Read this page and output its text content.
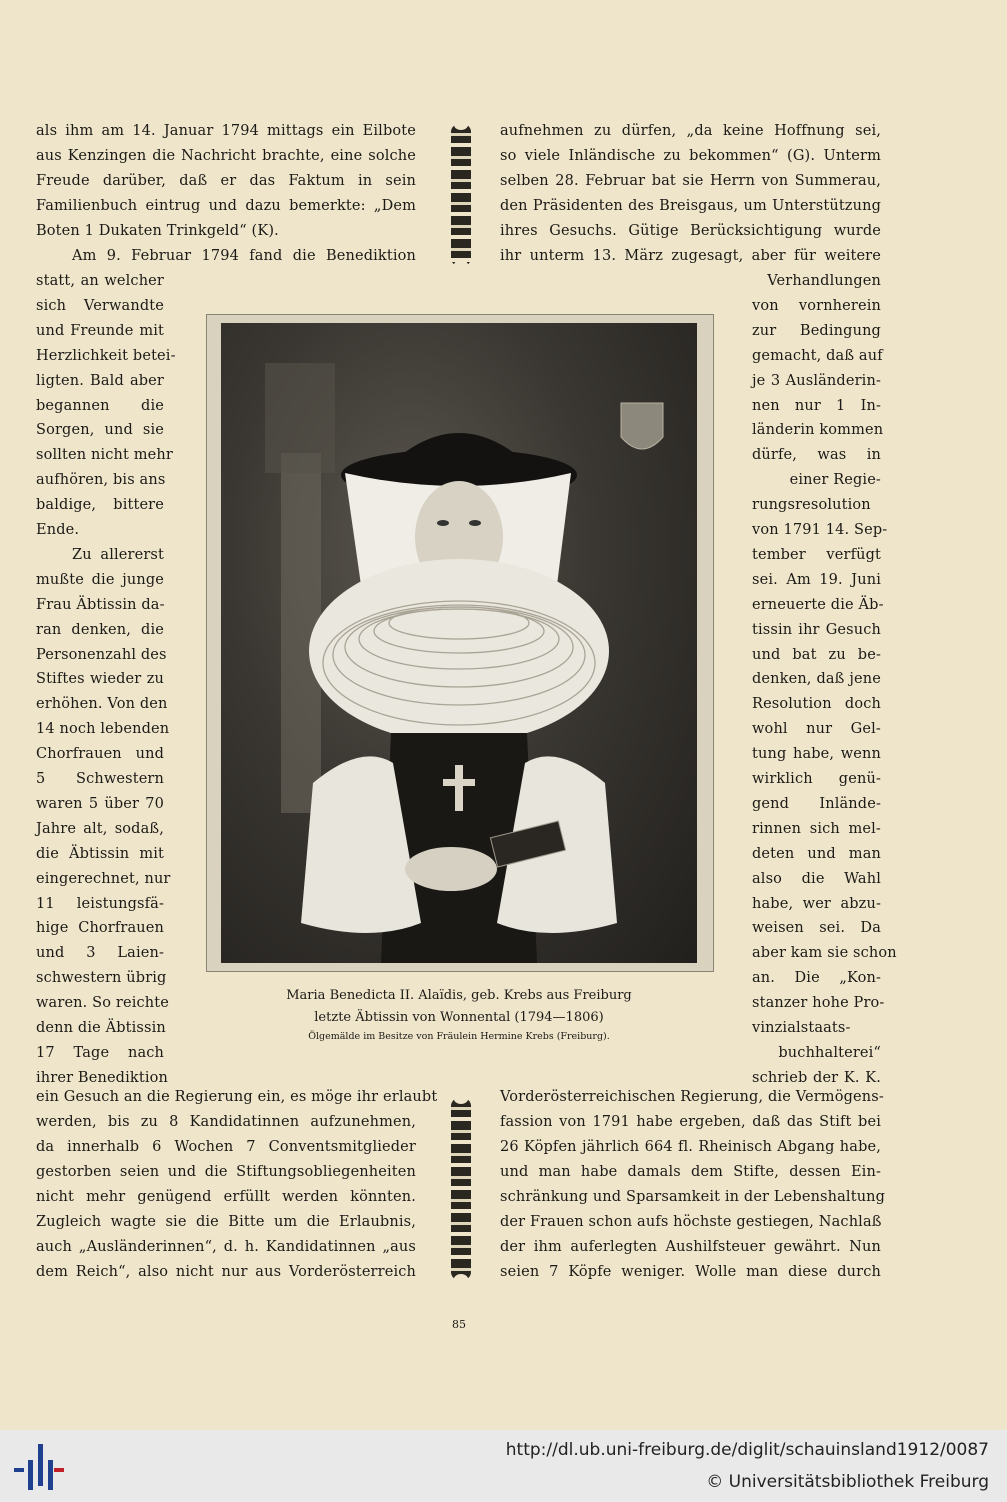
als ihm am 14. Januar 1794 mittags ein Eilbote
aus Kenzingen die Nachricht brachte, eine solche
Freude darüber, daß er das Faktum in sein
Familienbuch eintrug und dazu bemerkte: „Dem
Boten 1 Dukaten Trinkgeld“ (K).
Am 9. Februar 1794 fand die Benediktion
aufnehmen zu dürfen, „da keine Hoffnung sei,
so viele Inländische zu bekommen“ (G). Unterm
selben 28. Februar bat sie Herrn von Summerau,
den Präsidenten des Breisgaus, um Unterstützung
ihres Gesuchs. Gütige Berücksichtigung wurde
ihr unterm 13. März zugesagt, aber für weitere
statt, an welcher
sich Verwandte
und Freunde mit
Herzlichkeit betei-
ligten. Bald aber
begannen die
Sorgen, und sie
sollten nicht mehr
aufhören, bis ans
baldige, bittere
Ende.
Zu allererst
mußte die junge
Frau Äbtissin da-
ran denken, die
Personenzahl des
Stiftes wieder zu
erhöhen. Von den
14 noch lebenden
Chorfrauen und
5 Schwestern
waren 5 über 70
Jahre alt, sodaß,
die Äbtissin mit
eingerechnet, nur
11 leistungsfä-
hige Chorfrauen
und 3 Laien-
schwestern übrig
waren. So reichte
denn die Äbtissin
17 Tage nach
ihrer Benediktion
Verhandlungen
von vornherein
zur Bedingung
gemacht, daß auf
je 3 Ausländerin-
nen nur 1 In-
länderin kommen
dürfe, was in
einer Regie-
rungsresolution
von 1791 14. Sep-
tember verfügt
sei. Am 19. Juni
erneuerte die Äb-
tissin ihr Gesuch
und bat zu be-
denken, daß jene
Resolution doch
wohl nur Gel-
tung habe, wenn
wirklich genü-
gend Inlände-
rinnen sich mel-
deten und man
also die Wahl
habe, wer abzu-
weisen sei. Da
aber kam sie schon
an. Die „Kon-
stanzer hohe Pro-
vinzialstaats-
buchhalterei“
schrieb der K. K.
ein Gesuch an die Regierung ein, es möge ihr erlaubt
werden, bis zu 8 Kandidatinnen aufzunehmen,
da innerhalb 6 Wochen 7 Conventsmitglieder
gestorben seien und die Stiftungsobliegenheiten
nicht mehr genügend erfüllt werden könnten.
Zugleich wagte sie die Bitte um die Erlaubnis,
auch „Ausländerinnen“, d. h. Kandidatinnen „aus
dem Reich“, also nicht nur aus Vorderösterreich
Vorderösterreichischen Regierung, die Vermögens-
fassion von 1791 habe ergeben, daß das Stift bei
26 Köpfen jährlich 664 fl. Rheinisch Abgang habe,
und man habe damals dem Stifte, dessen Ein-
schränkung und Sparsamkeit in der Lebenshaltung
der Frauen schon aufs höchste gestiegen, Nachlaß
der ihm auferlegten Aushilfsteuer gewährt. Nun
seien 7 Köpfe weniger. Wolle man diese durch
Maria Benedicta II. Alaïdis, geb. Krebs aus Freiburg
letzte Äbtissin von Wonnental (1794—1806)
Ölgemälde im Besitze von Fräulein Hermine Krebs (Freiburg).
85
http://dl.ub.uni-freiburg.de/diglit/schauinsland1912/0087
© Universitätsbibliothek Freiburg
